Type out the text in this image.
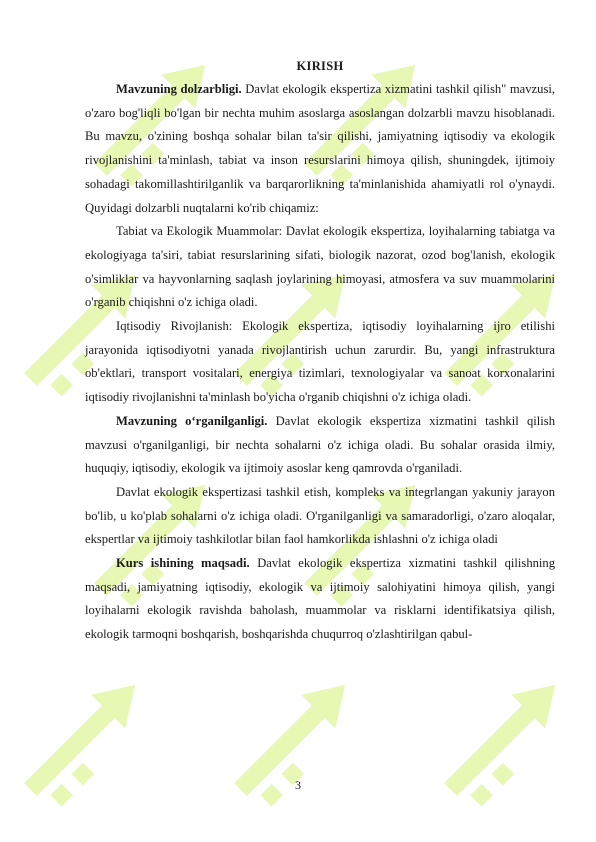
KIRISH

Mavzuning dolzarbligi. Davlat ekologik ekspertiza xizmatini tashkil qilish" mavzusi, o'zaro bog'liqli bo'lgan bir nechta muhim asoslarga asoslangan dolzarbli mavzu hisoblanadi. Bu mavzu, o'zining boshqa sohalar bilan ta'sir qilishi, jamiyatning iqtisodiy va ekologik rivojlanishini ta'minlash, tabiat va inson resurslarini himoya qilish, shuningdek, ijtimoiy sohadagi takomillashtirilganlik va barqarorlikning ta'minlanishida ahamiyatli rol o'ynaydi. Quyidagi dolzarbli nuqtalarni ko'rib chiqamiz:

Tabiat va Ekologik Muammolar: Davlat ekologik ekspertiza, loyihalarning tabiatga va ekologiyaga ta'siri, tabiat resurslarining sifati, biologik nazorat, ozod bog'lanish, ekologik o'simliklar va hayvonlarning saqlash joylarining himoyasi, atmosfera va suv muammolarini o'rganib chiqishni o'z ichiga oladi.

Iqtisodiy Rivojlanish: Ekologik ekspertiza, iqtisodiy loyihalarning ijro etilishi jarayonida iqtisodiyotni yanada rivojlantirish uchun zarurdir. Bu, yangi infrastruktura ob'ektlari, transport vositalari, energiya tizimlari, texnologiyalar va sanoat korxonalarini iqtisodiy rivojlanishni ta'minlash bo'yicha o'rganib chiqishni o'z ichiga oladi.

Mavzuning o‘rganilganligi. Davlat ekologik ekspertiza xizmatini tashkil qilish mavzusi o'rganilganligi, bir nechta sohalarni o'z ichiga oladi. Bu sohalar orasida ilmiy, huquqiy, iqtisodiy, ekologik va ijtimoiy asoslar keng qamrovda o'rganiladi.

Davlat ekologik ekspertizasi tashkil etish, kompleks va integrlangan yakuniy jarayon bo'lib, u ko'plab sohalarni o'z ichiga oladi. O'rganilganligi va samaradorligi, o'zaro aloqalar, ekspertlar va ijtimoiy tashkilotlar bilan faol hamkorlikda ishlashni o'z ichiga oladi

Kurs ishining maqsadi. Davlat ekologik ekspertiza xizmatini tashkil qilishning maqsadi, jamiyatning iqtisodiy, ekologik va ijtimoiy salohiyatini himoya qilish, yangi loyihalarni ekologik ravishda baholash, muammolar va risklarni identifikatsiya qilish, ekologik tarmoqni boshqarish, boshqarishda chuqurroq o'zlashtirilgan qabul-

3
